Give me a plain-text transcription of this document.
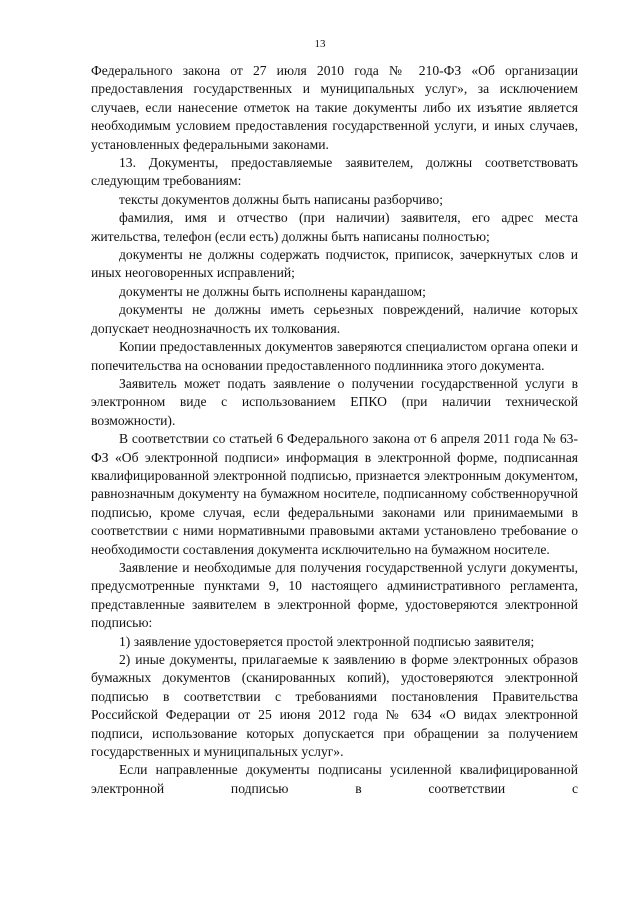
13

Федерального закона от 27 июля 2010 года № 210-ФЗ «Об организации предоставления государственных и муниципальных услуг», за исключением случаев, если нанесение отметок на такие документы либо их изъятие является необходимым условием предоставления государственной услуги, и иных случаев, установленных федеральными законами.

13. Документы, предоставляемые заявителем, должны соответствовать следующим требованиям:

тексты документов должны быть написаны разборчиво;

фамилия, имя и отчество (при наличии) заявителя, его адрес места жительства, телефон (если есть) должны быть написаны полностью;

документы не должны содержать подчисток, приписок, зачеркнутых слов и иных неоговоренных исправлений;

документы не должны быть исполнены карандашом;

документы не должны иметь серьезных повреждений, наличие которых допускает неоднозначность их толкования.

Копии предоставленных документов заверяются специалистом органа опеки и попечительства на основании предоставленного подлинника этого документа.

Заявитель может подать заявление о получении государственной услуги в электронном виде с использованием ЕПКО (при наличии технической возможности).

В соответствии со статьей 6 Федерального закона от 6 апреля 2011 года № 63-ФЗ «Об электронной подписи» информация в электронной форме, подписанная квалифицированной электронной подписью, признается электронным документом, равнозначным документу на бумажном носителе, подписанному собственноручной подписью, кроме случая, если федеральными законами или принимаемыми в соответствии с ними нормативными правовыми актами установлено требование о необходимости составления документа исключительно на бумажном носителе.

Заявление и необходимые для получения государственной услуги документы, предусмотренные пунктами 9, 10 настоящего административного регламента, представленные заявителем в электронной форме, удостоверяются электронной подписью:

1) заявление удостоверяется простой электронной подписью заявителя;

2) иные документы, прилагаемые к заявлению в форме электронных образов бумажных документов (сканированных копий), удостоверяются электронной подписью в соответствии с требованиями постановления Правительства Российской Федерации от 25 июня 2012 года № 634 «О видах электронной подписи, использование которых допускается при обращении за получением государственных и муниципальных услуг».

Если направленные документы подписаны усиленной квалифицированной электронной подписью в соответствии с
